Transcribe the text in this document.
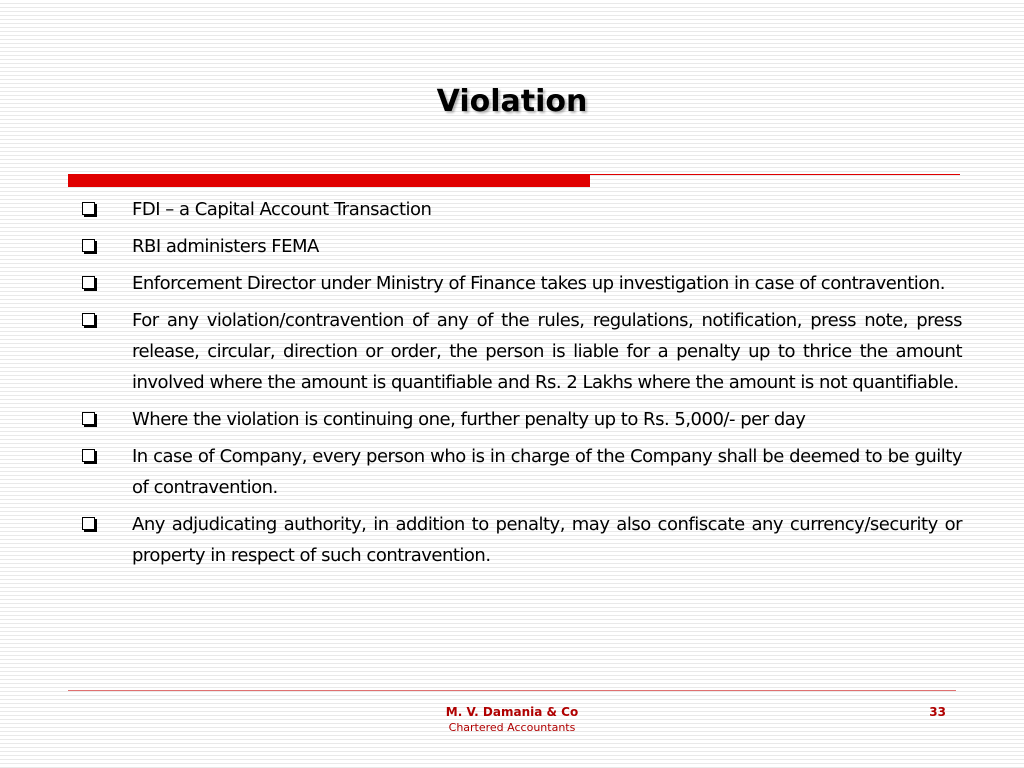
Violation
FDI – a Capital Account Transaction
RBI administers FEMA
Enforcement Director under Ministry of Finance takes up investigation in case of contravention.
For any violation/contravention of any of the rules, regulations, notification, press note, press release, circular, direction or order, the person is liable for a penalty up to thrice the amount involved where the amount is quantifiable and Rs. 2 Lakhs where the amount is not quantifiable.
Where the violation is continuing one, further penalty up to Rs. 5,000/- per day
In case of Company, every person who is in charge of the Company shall be deemed to be guilty of contravention.
Any adjudicating authority, in addition to penalty, may also confiscate any currency/security or property in respect of such contravention.
M. V. Damania & Co
Chartered Accountants
33
